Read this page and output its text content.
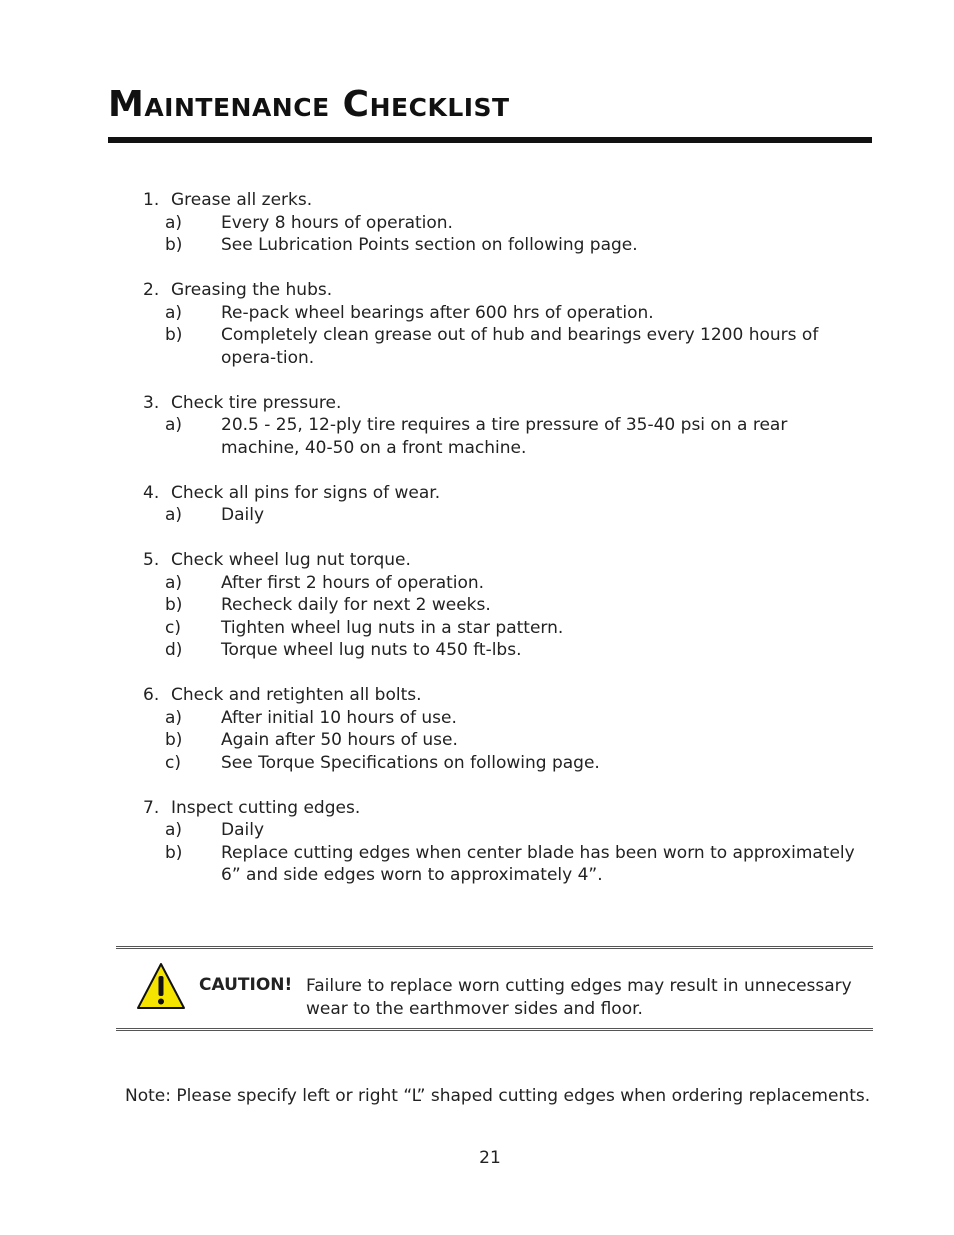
Maintenance Checklist
1. Grease all zerks.
a)	Every 8 hours of operation.
b)	See Lubrication Points section on following page.
2. Greasing the hubs.
a)	Re-pack wheel bearings after 600 hrs of operation.
b)	Completely clean grease out of hub and bearings every 1200 hours of opera-tion.
3. Check tire pressure.
a)	20.5 - 25, 12-ply tire requires a tire pressure of 35-40 psi on a rear machine, 40-50 on a front machine.
4. Check all pins for signs of wear.
a)	Daily
5. Check wheel lug nut torque.
a)	After first 2 hours of operation.
b)	Recheck daily for next 2 weeks.
c)	Tighten wheel lug nuts in a star pattern.
d)	Torque wheel lug nuts to 450 ft-lbs.
6. Check and retighten all bolts.
a)	After initial 10 hours of use.
b)	Again after 50 hours of use.
c)	See Torque Specifications on following page.
7. Inspect cutting edges.
a)	Daily
b)	Replace cutting edges when center blade has been worn to approximately 6” and side edges worn to approximately 4”.
CAUTION! Failure to replace worn cutting edges may result in unnecessary wear to the earthmover sides and floor.
Note: Please specify left or right “L” shaped cutting edges when ordering replacements.
21
